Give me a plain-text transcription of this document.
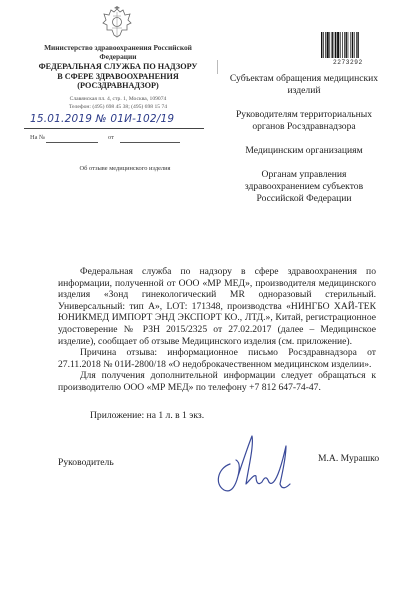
Министерство здравоохранения Российской Федерации
ФЕДЕРАЛЬНАЯ СЛУЖБА ПО НАДЗОРУ
В СФЕРЕ ЗДРАВООХРАНЕНИЯ
(РОСЗДРАВНАДЗОР)
Славянская пл. 4, стр. 1, Москва, 109074
Телефон: (495) 698 45 38; (495) 698 15 74
15.01.2019 № 01И-102/19
На №	от
Об отзыве медицинского изделия
2273292
Субъектам обращения медицинских изделий
Руководителям территориальных органов Росздравнадзора
Медицинским организациям
Органам управления здравоохранением субъектов Российской Федерации

Федеральная служба по надзору в сфере здравоохранения по информации, полученной от ООО «МР МЕД», производителя медицинского изделия «Зонд гинекологический MR одноразовый стерильный. Универсальный: тип А», LOT: 171348, производства «НИНГБО ХАЙ-ТЕК ЮНИКМЕД ИМПОРТ ЭНД ЭКСПОРТ КО., ЛТД.», Китай, регистрационное удостоверение № РЗН 2015/2325 от 27.02.2017 (далее – Медицинское изделие), сообщает об отзыве Медицинского изделия (см. приложение).

Причина отзыва: информационное письмо Росздравнадзора от 27.11.2018 № 01И-2800/18 «О недоброкачественном медицинском изделии».

Для получения дополнительной информации следует обращаться к производителю ООО «МР МЕД» по телефону +7 812 647-74-47.

Приложение: на 1 л. в 1 экз.
Руководитель	М.А. Мурашко
